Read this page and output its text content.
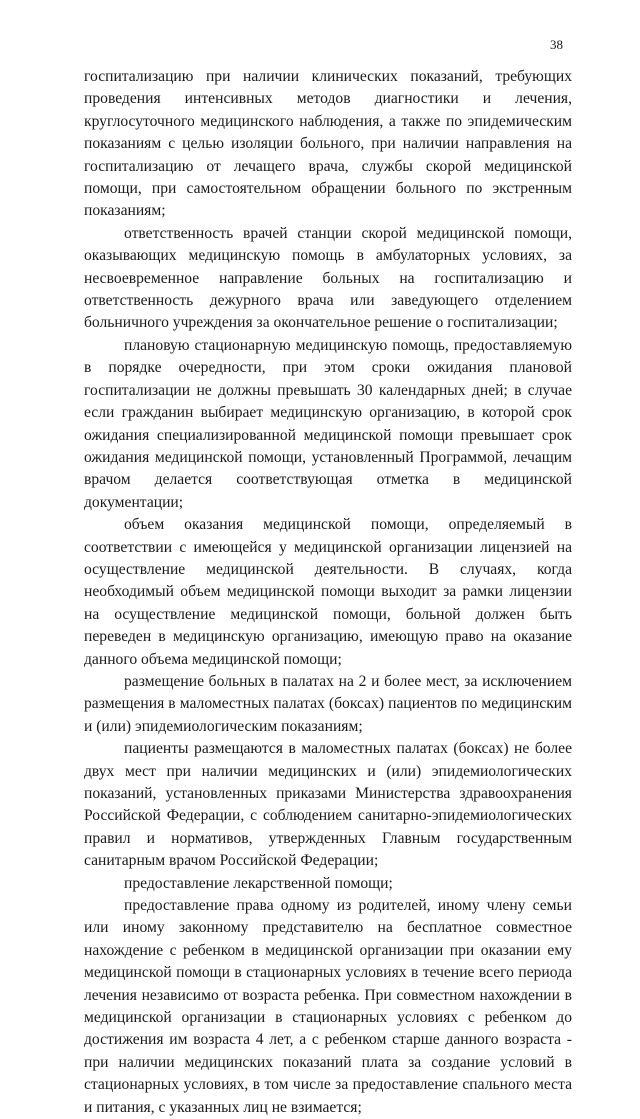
38

госпитализацию при наличии клинических показаний, требующих проведения интенсивных методов диагностики и лечения, круглосуточного медицинского наблюдения, а также по эпидемическим показаниям с целью изоляции больного, при наличии направления на госпитализацию от лечащего врача, службы скорой медицинской помощи, при самостоятельном обращении больного по экстренным показаниям;

ответственность врачей станции скорой медицинской помощи, оказывающих медицинскую помощь в амбулаторных условиях, за несвоевременное направление больных на госпитализацию и ответственность дежурного врача или заведующего отделением больничного учреждения за окончательное решение о госпитализации;

плановую стационарную медицинскую помощь, предоставляемую в порядке очередности, при этом сроки ожидания плановой госпитализации не должны превышать 30 календарных дней; в случае если гражданин выбирает медицинскую организацию, в которой срок ожидания специализированной медицинской помощи превышает срок ожидания медицинской помощи, установленный Программой, лечащим врачом делается соответствующая отметка в медицинской документации;

объем оказания медицинской помощи, определяемый в соответствии с имеющейся у медицинской организации лицензией на осуществление медицинской деятельности. В случаях, когда необходимый объем медицинской помощи выходит за рамки лицензии на осуществление медицинской помощи, больной должен быть переведен в медицинскую организацию, имеющую право на оказание данного объема медицинской помощи;

размещение больных в палатах на 2 и более мест, за исключением размещения в маломестных палатах (боксах) пациентов по медицинским и (или) эпидемиологическим показаниям;

пациенты размещаются в маломестных палатах (боксах) не более двух мест при наличии медицинских и (или) эпидемиологических показаний, установленных приказами Министерства здравоохранения Российской Федерации, с соблюдением санитарно-эпидемиологических правил и нормативов, утвержденных Главным государственным санитарным врачом Российской Федерации;

предоставление лекарственной помощи;

предоставление права одному из родителей, иному члену семьи или иному законному представителю на бесплатное совместное нахождение с ребенком в медицинской организации при оказании ему медицинской помощи в стационарных условиях в течение всего периода лечения независимо от возраста ребенка. При совместном нахождении в медицинской организации в стационарных условиях с ребенком до достижения им возраста 4 лет, а с ребенком старше данного возраста - при наличии медицинских показаний плата за создание условий в стационарных условиях, в том числе за предоставление спального места и питания, с указанных лиц не взимается;
